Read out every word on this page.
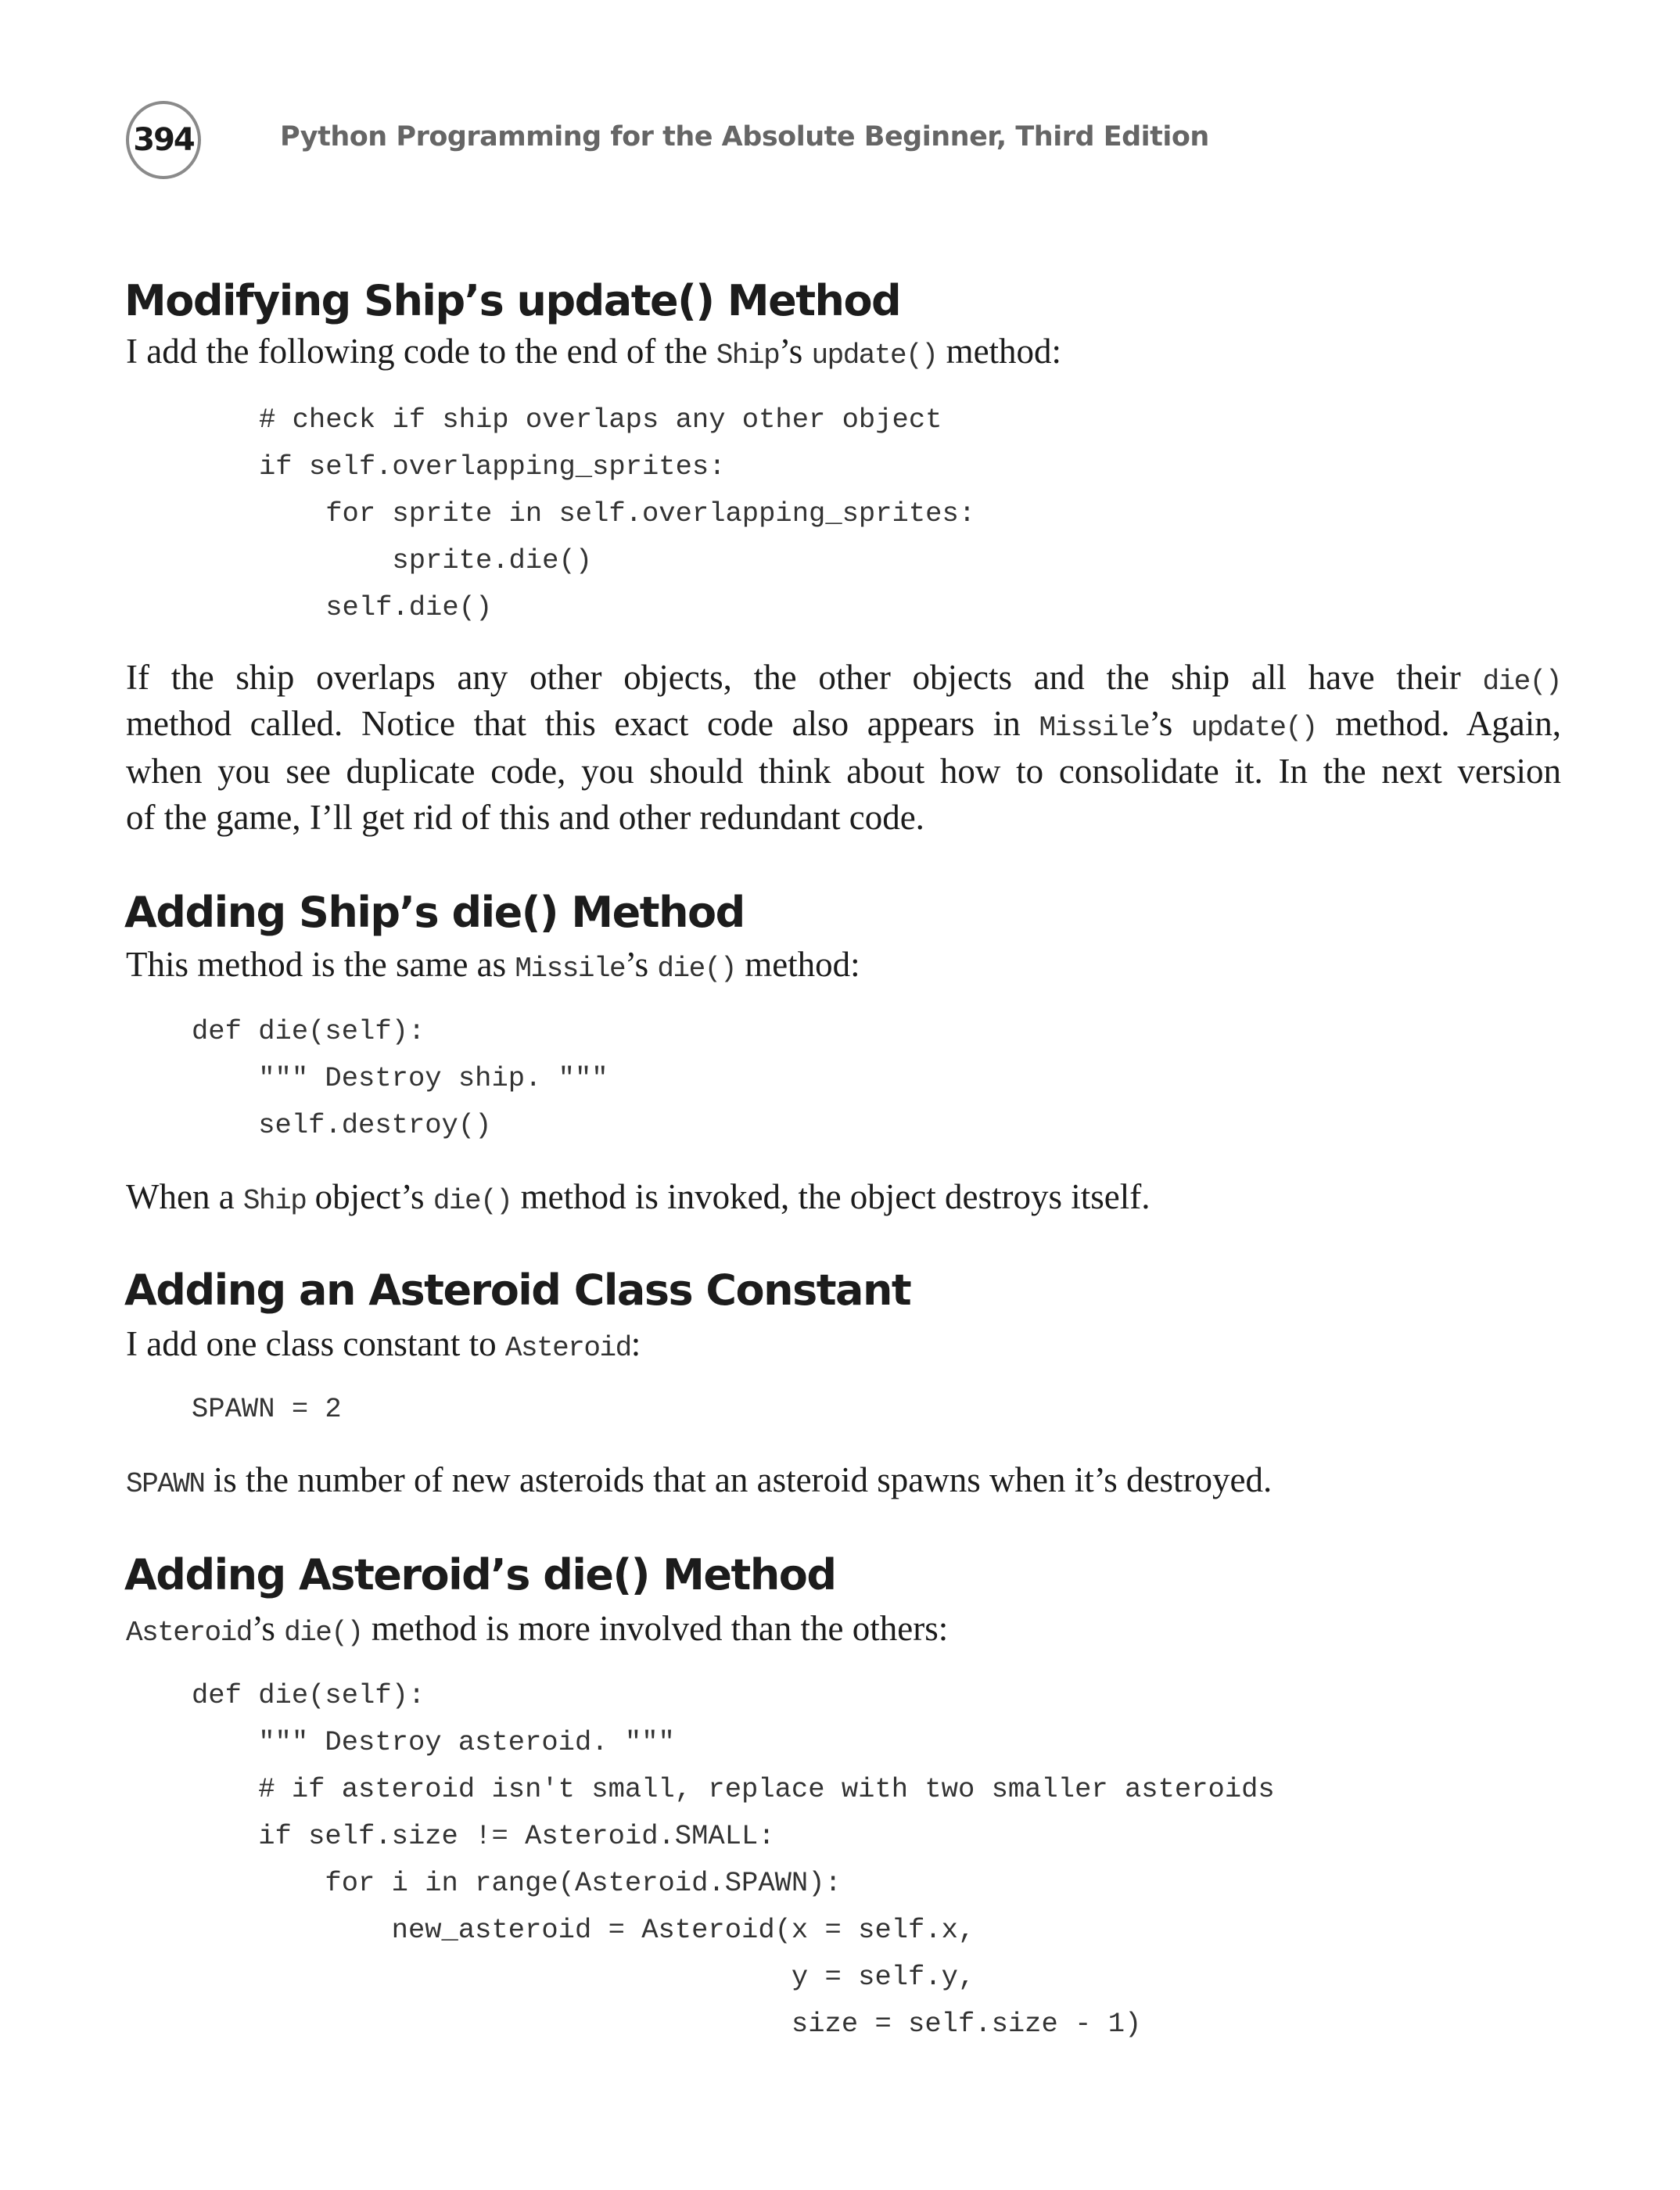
394	Python Programming for the Absolute Beginner, Third Edition
Modifying Ship’s update() Method
I add the following code to the end of the Ship’s update() method:
# check if ship overlaps any other object
if self.overlapping_sprites:
for sprite in self.overlapping_sprites:
sprite.die()
self.die()
If the ship overlaps any other objects, the other objects and the ship all have their die()
method called. Notice that this exact code also appears in Missile’s update() method. Again,
when you see duplicate code, you should think about how to consolidate it. In the next version
of the game, I’ll get rid of this and other redundant code.
Adding Ship’s die() Method
This method is the same as Missile’s die() method:
def die(self):
""" Destroy ship. """
self.destroy()
When a Ship object’s die() method is invoked, the object destroys itself.
Adding an Asteroid Class Constant
I add one class constant to Asteroid:
SPAWN = 2
SPAWN is the number of new asteroids that an asteroid spawns when it’s destroyed.
Adding Asteroid’s die() Method
Asteroid’s die() method is more involved than the others:
def die(self):
""" Destroy asteroid. """
# if asteroid isn't small, replace with two smaller asteroids
if self.size != Asteroid.SMALL:
for i in range(Asteroid.SPAWN):
new_asteroid = Asteroid(x = self.x,
y = self.y,
size = self.size - 1)
